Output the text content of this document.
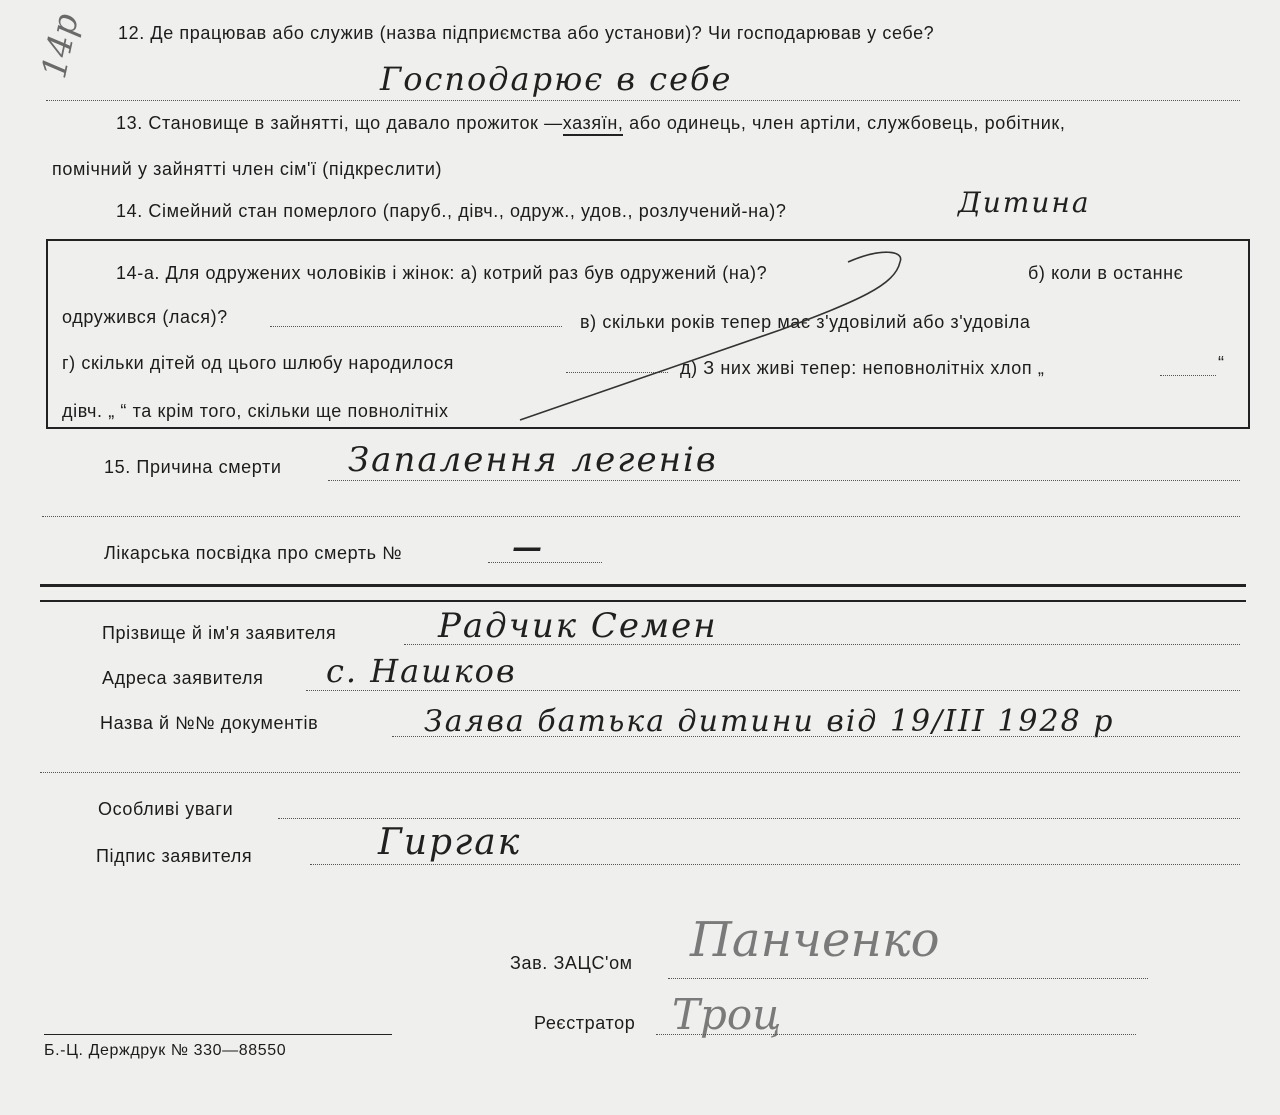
14р 12. Де працював або служив (назва підприємства або установи)? Чи господарював у себе?
Господарює в себе
13. Становище в зайнятті, що давало прожиток —хазяїн, або одинець, член артіли, службовець, робітник,
помічний у зайнятті член сім'ї (підкреслити)
14. Сімейний стан померлого (паруб., дівч., одруж., удов., розлучений-на)?	Дитина
14-а. Для одружених чоловіків і жінок: а) котрий раз був одружений (на)?	б) коли в останнє
одружився (лася)?	в) скільки років тепер має з'удовілий або з'удовіла
г) скільки дітей од цього шлюбу народилося	д) З них живі тепер: неповнолітніх хлоп „	“
дівч. „ “ та крім того, скільки ще повнолітніх
15. Причина смерти Запалення легенів
Лікарська посвідка про смерть №	—
Прізвище й ім'я заявителя	Радчик Семен
Адреса заявителя с. Нашков
Назва й №№ документів	Заява батька дитини від 19/III 1928 р
Особливі уваги
Підпис заявителя	Гиргак
Зав. ЗАЦС'ом Панченко
Реєстратор Троц
Б.-Ц. Держдрук № 330—88550
